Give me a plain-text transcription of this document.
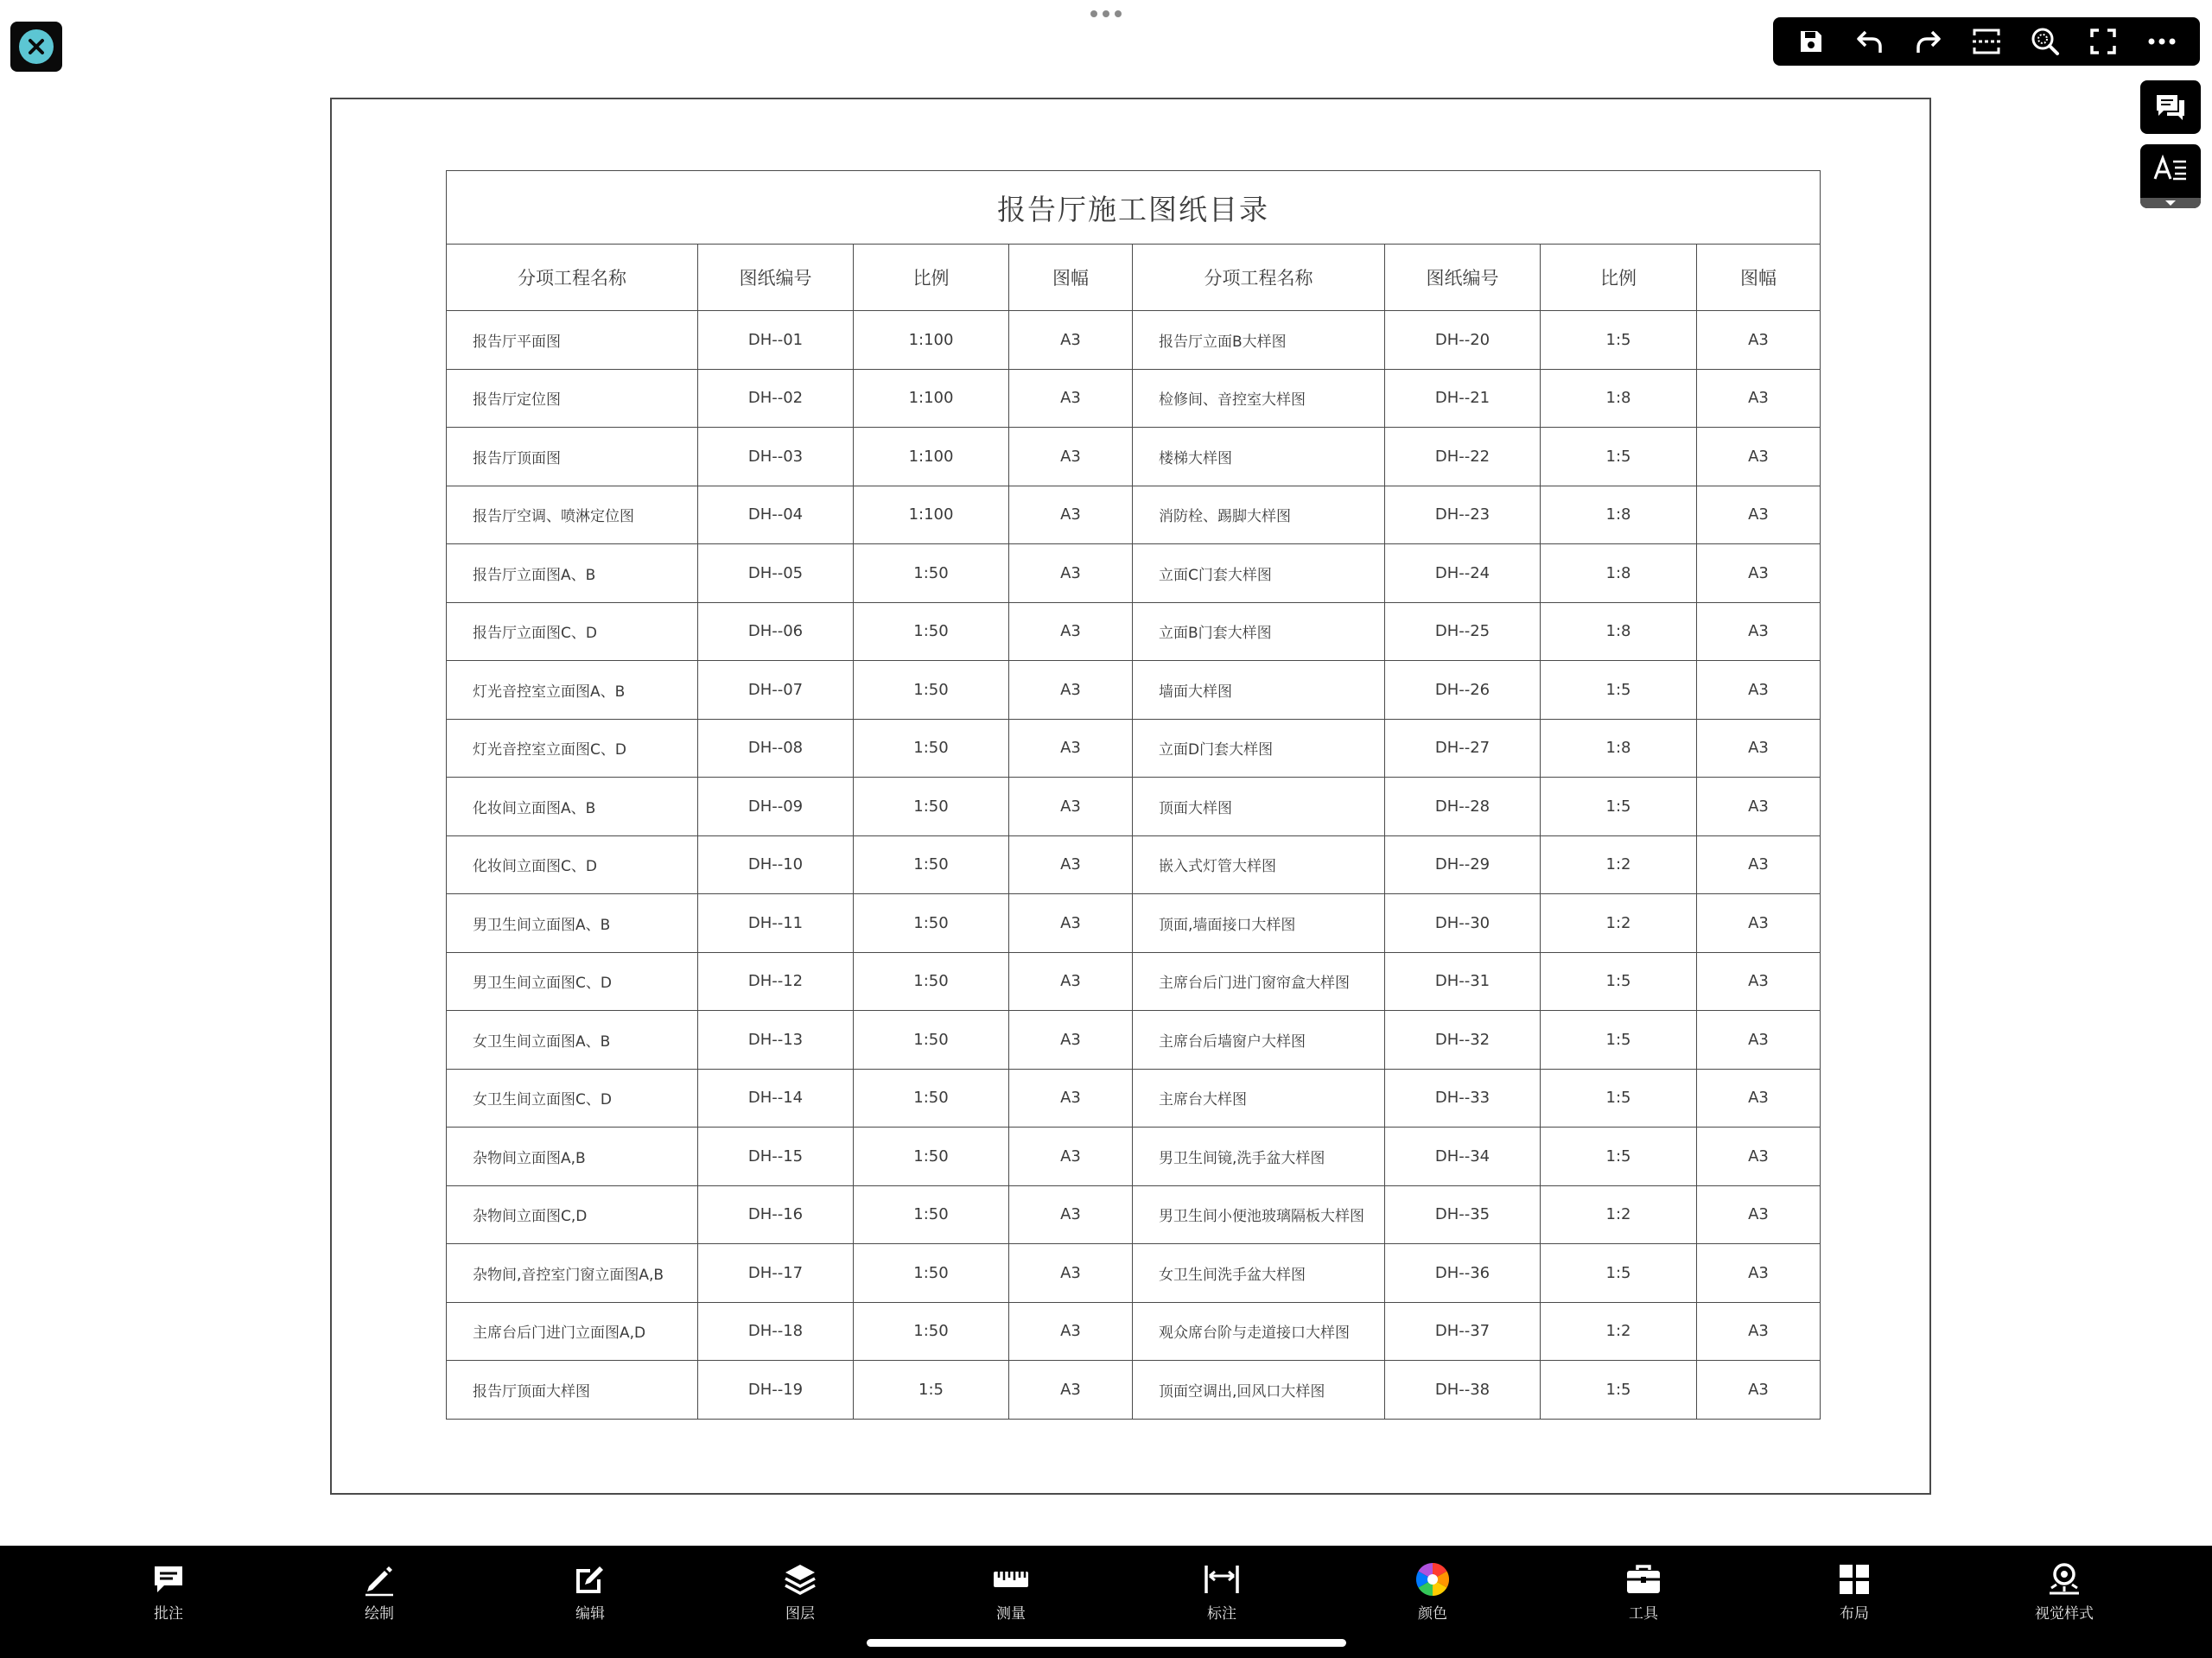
报告厅施工图纸目录							
分项工程名称	图纸编号	比例	图幅	分项工程名称	图纸编号	比例	图幅
报告厅平面图	DH--01	1:100	A3	报告厅立面B大样图	DH--20	1:5	A3
报告厅定位图	DH--02	1:100	A3	检修间、音控室大样图	DH--21	1:8	A3
报告厅顶面图	DH--03	1:100	A3	楼梯大样图	DH--22	1:5	A3
报告厅空调、喷淋定位图	DH--04	1:100	A3	消防栓、踢脚大样图	DH--23	1:8	A3
报告厅立面图A、B	DH--05	1:50	A3	立面C门套大样图	DH--24	1:8	A3
报告厅立面图C、D	DH--06	1:50	A3	立面B门套大样图	DH--25	1:8	A3
灯光音控室立面图A、B	DH--07	1:50	A3	墙面大样图	DH--26	1:5	A3
灯光音控室立面图C、D	DH--08	1:50	A3	立面D门套大样图	DH--27	1:8	A3
化妆间立面图A、B	DH--09	1:50	A3	顶面大样图	DH--28	1:5	A3
化妆间立面图C、D	DH--10	1:50	A3	嵌入式灯管大样图	DH--29	1:2	A3
男卫生间立面图A、B	DH--11	1:50	A3	顶面,墙面接口大样图	DH--30	1:2	A3
男卫生间立面图C、D	DH--12	1:50	A3	主席台后门进门窗帘盒大样图	DH--31	1:5	A3
女卫生间立面图A、B	DH--13	1:50	A3	主席台后墙窗户大样图	DH--32	1:5	A3
女卫生间立面图C、D	DH--14	1:50	A3	主席台大样图	DH--33	1:5	A3
杂物间立面图A,B	DH--15	1:50	A3	男卫生间镜,洗手盆大样图	DH--34	1:5	A3
杂物间立面图C,D	DH--16	1:50	A3	男卫生间小便池玻璃隔板大样图	DH--35	1:2	A3
杂物间,音控室门窗立面图A,B	DH--17	1:50	A3	女卫生间洗手盆大样图	DH--36	1:5	A3
主席台后门进门立面图A,D	DH--18	1:50	A3	观众席台阶与走道接口大样图	DH--37	1:2	A3
报告厅顶面大样图	DH--19	1:5	A3	顶面空调出,回风口大样图	DH--38	1:5	A3
批注	绘制	编辑	图层	测量	标注	颜色	工具	布局	视觉样式
